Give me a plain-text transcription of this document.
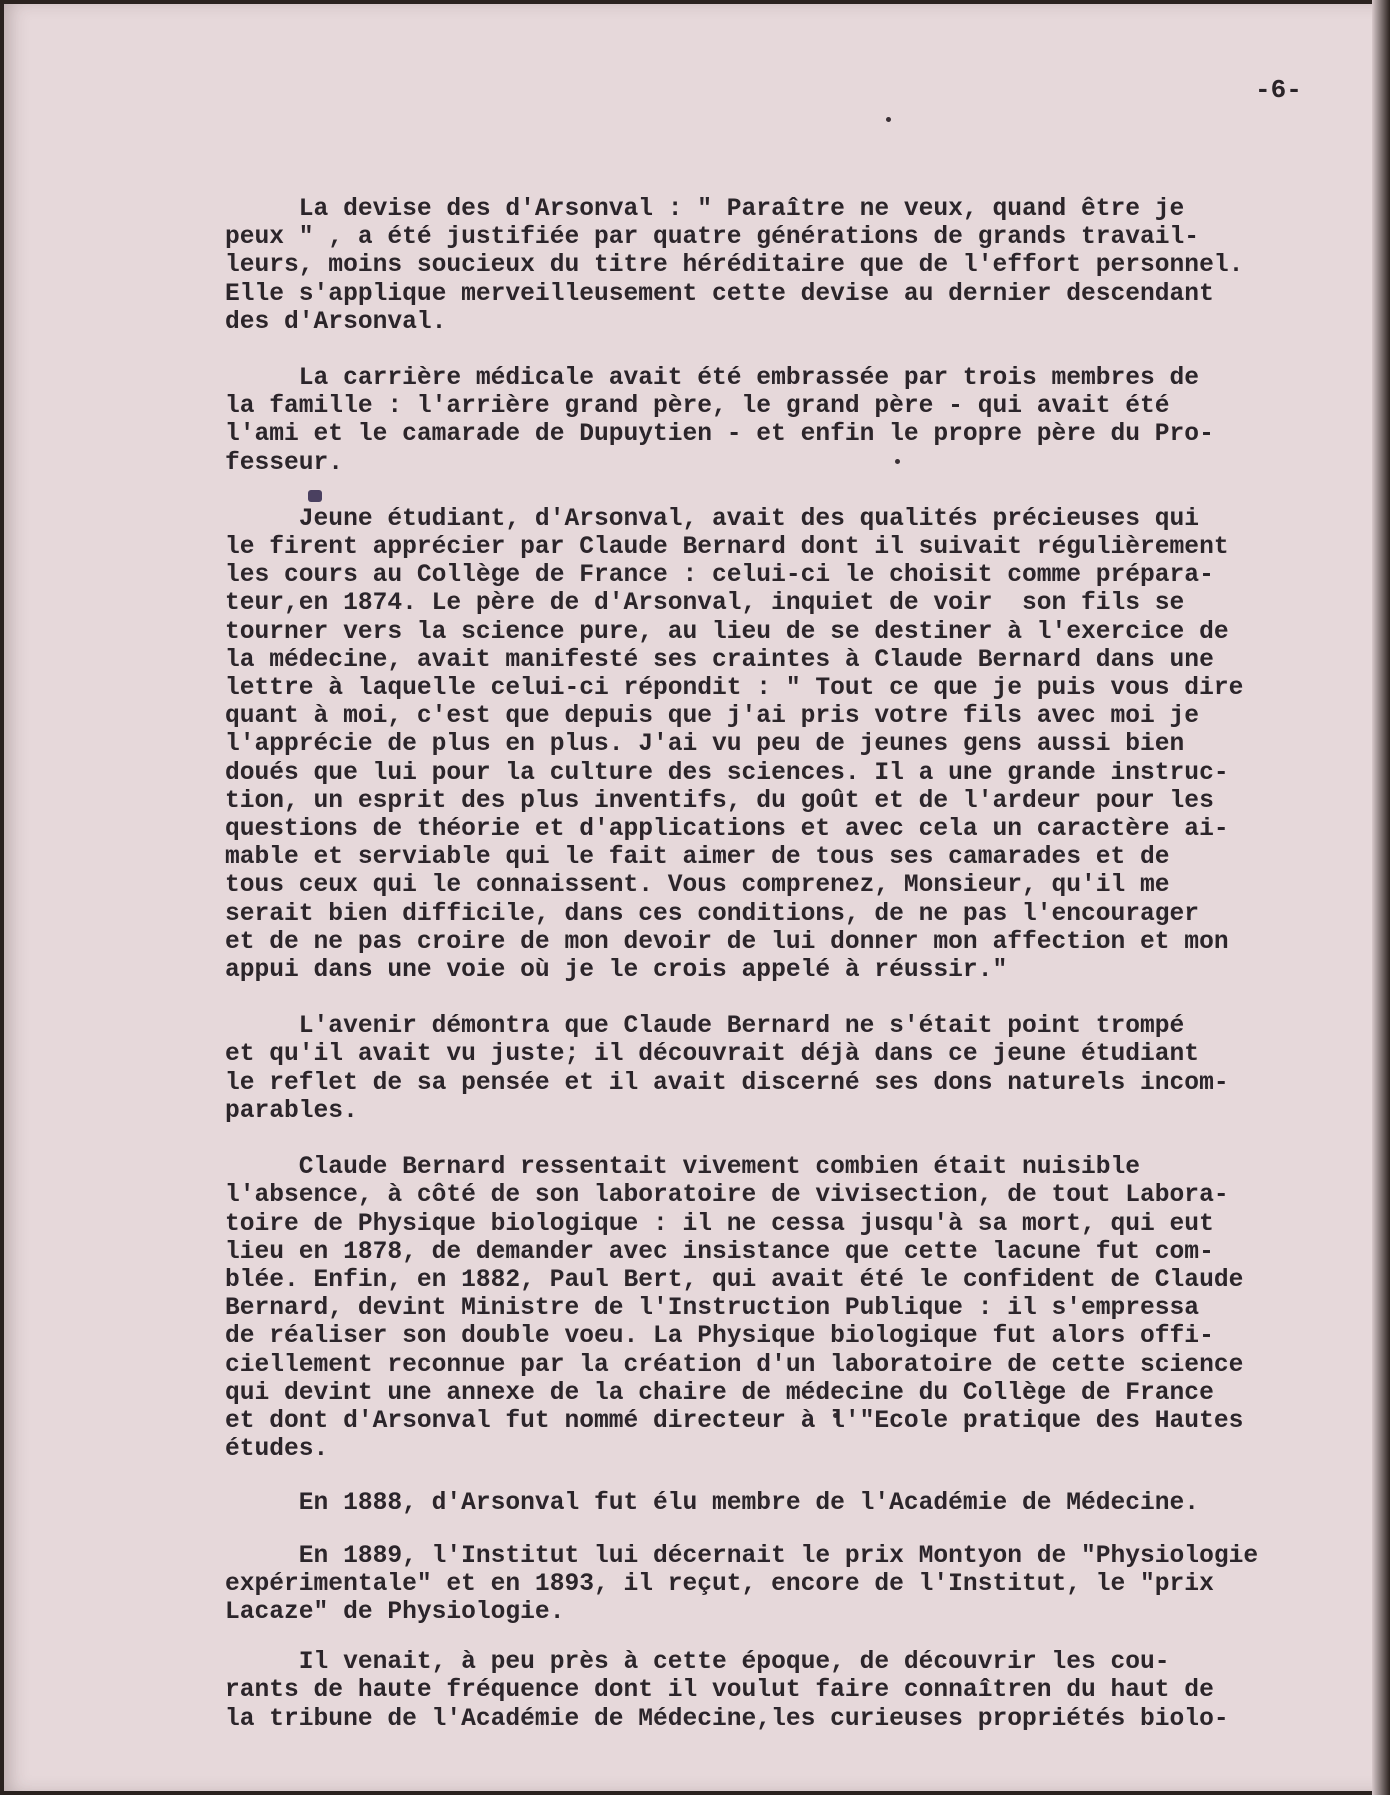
-6-

La devise des d'Arsonval : " Paraître ne veux, quand être je
peux " , a été justifiée par quatre générations de grands travail-
leurs, moins soucieux du titre héréditaire que de l'effort personnel.
Elle s'applique merveilleusement cette devise au dernier descendant
des d'Arsonval.

La carrière médicale avait été embrassée par trois membres de
la famille : l'arrière grand père, le grand père - qui avait été
l'ami et le camarade de Dupuytien - et enfin le propre père du Pro-
fesseur.

Jeune étudiant, d'Arsonval, avait des qualités précieuses qui
le firent apprécier par Claude Bernard dont il suivait régulièrement
les cours au Collège de France : celui-ci le choisit comme prépara-
teur,en 1874. Le père de d'Arsonval, inquiet de voir  son fils se
tourner vers la science pure, au lieu de se destiner à l'exercice de
la médecine, avait manifesté ses craintes à Claude Bernard dans une
lettre à laquelle celui-ci répondit : " Tout ce que je puis vous dire
quant à moi, c'est que depuis que j'ai pris votre fils avec moi je
l'apprécie de plus en plus. J'ai vu peu de jeunes gens aussi bien
doués que lui pour la culture des sciences. Il a une grande instruc-
tion, un esprit des plus inventifs, du goût et de l'ardeur pour les
questions de théorie et d'applications et avec cela un caractère ai-
mable et serviable qui le fait aimer de tous ses camarades et de
tous ceux qui le connaissent. Vous comprenez, Monsieur, qu'il me
serait bien difficile, dans ces conditions, de ne pas l'encourager
et de ne pas croire de mon devoir de lui donner mon affection et mon
appui dans une voie où je le crois appelé à réussir."

L'avenir démontra que Claude Bernard ne s'était point trompé
et qu'il avait vu juste; il découvrait déjà dans ce jeune étudiant
le reflet de sa pensée et il avait discerné ses dons naturels incom-
parables.

Claude Bernard ressentait vivement combien était nuisible
l'absence, à côté de son laboratoire de vivisection, de tout Labora-
toire de Physique biologique : il ne cessa jusqu'à sa mort, qui eut
lieu en 1878, de demander avec insistance que cette lacune fut com-
blée. Enfin, en 1882, Paul Bert, qui avait été le confident de Claude
Bernard, devint Ministre de l'Instruction Publique : il s'empressa
de réaliser son double voeu. La Physique biologique fut alors offi-
ciellement reconnue par la création d'un laboratoire de cette science
qui devint une annexe de la chaire de médecine du Collège de France
et dont d'Arsonval fut nommé directeur à l'"Ecole pratique des Hautes
études.

En 1888, d'Arsonval fut élu membre de l'Académie de Médecine.

En 1889, l'Institut lui décernait le prix Montyon de "Physiologie
expérimentale" et en 1893, il reçut, encore de l'Institut, le "prix
Lacaze" de Physiologie.

Il venait, à peu près à cette époque, de découvrir les cou-
rants de haute fréquence dont il voulut faire connaîtren du haut de
la tribune de l'Académie de Médecine,les curieuses propriétés biolo-
